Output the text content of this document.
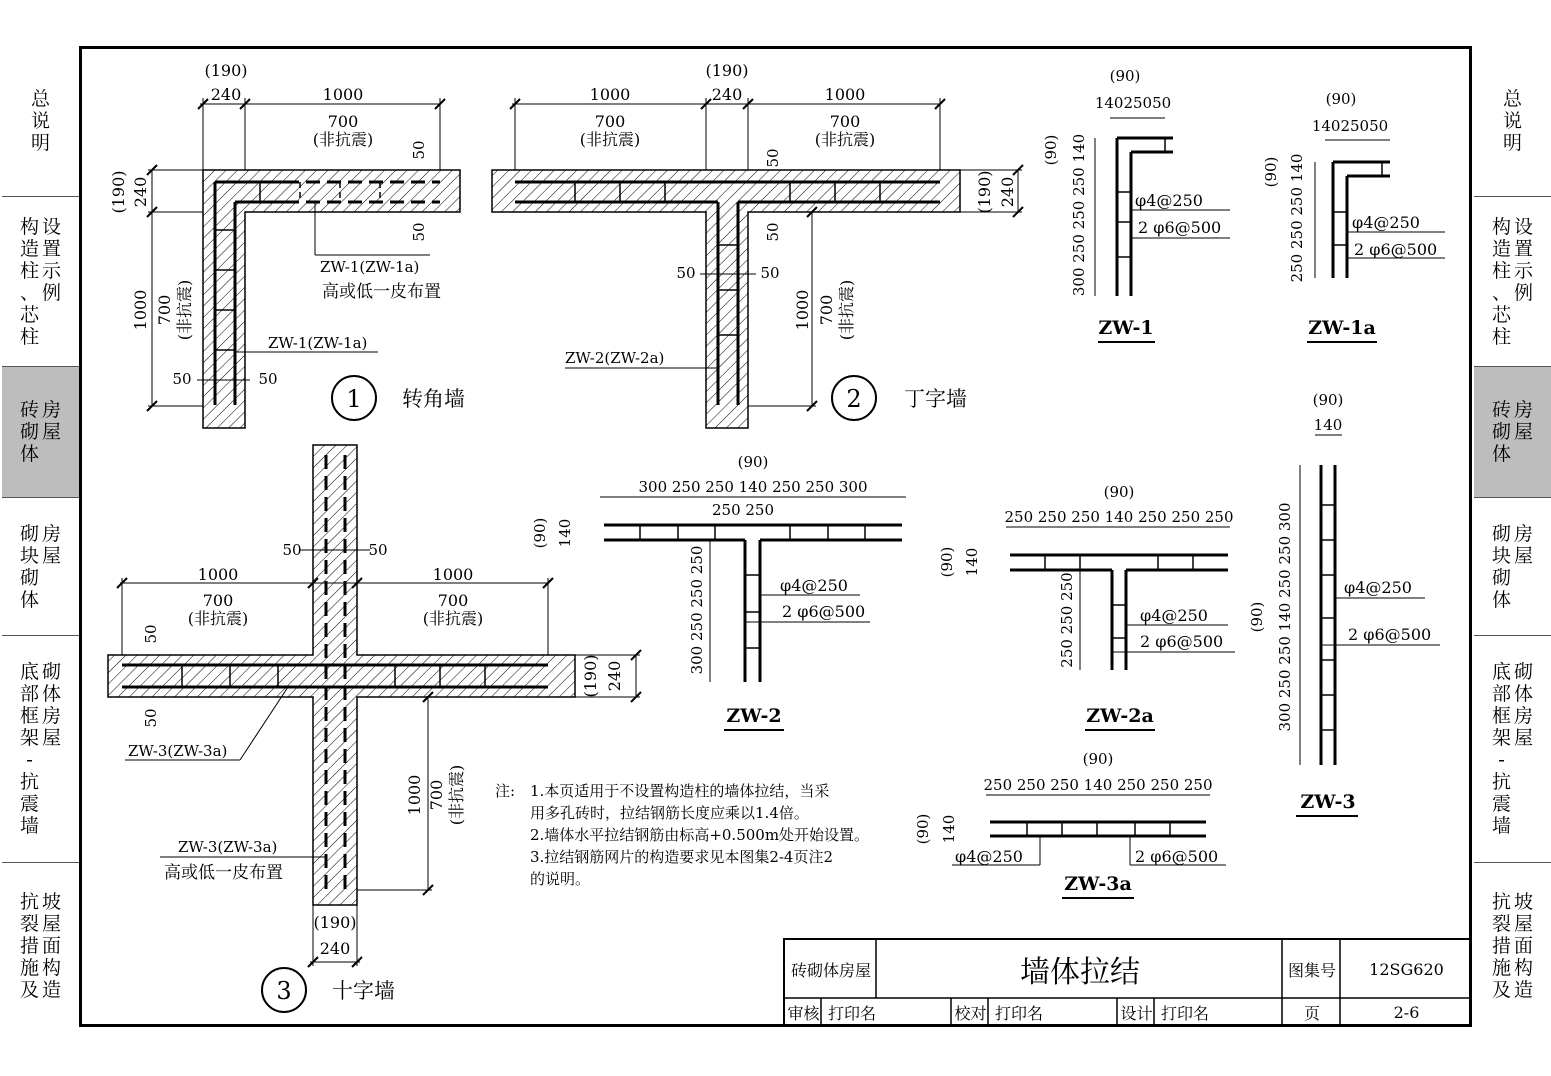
总
说
明
构
造
柱
、
芯
柱
设
置
示
例
砖
砌
体
房
屋
砌
块
砌
体
房
屋
底
部
框
架
-
抗
震
墙
砌
体
房
屋
抗
裂
措
施
及
坡
屋
面
构
造
总
说
明
构
造
柱
、
芯
柱
设
置
示
例
砖
砌
体
房
屋
砌
块
砌
体
房
屋
底
部
框
架
-
抗
震
墙
砌
体
房
屋
抗
裂
措
施
及
坡
屋
面
构
造
(190)
240	1000
700
(非抗震)
(190) 240
1000 700 (非抗震)
50	50
50
50
ZW-1(ZW-1a)
高或低一皮布置
ZW-1(ZW-1a)
1 转角墙
(190)
240
1000
700
(非抗震)
1000
700
(非抗震)
(190) 240
1000 700 (非抗震)
50
50
50	50
ZW-2(ZW-2a)
2 丁字墙
1000
700
(非抗震)
1000
700
(非抗震)
50	50
50
50
(190) 240
1000 700 (非抗震)
(190)
240
ZW-3(ZW-3a)
ZW-3(ZW-3a)
高或低一皮布置
3 十字墙
(90)
14025050
(90) 300 250 250 250 140	φ4@250
2 φ6@500
ZW-1
(90)
14025050
(90) 250 250 250 140	φ4@250
2 φ6@500
ZW-1a
(90)
300 250 250 140 250 250 300
250 250
(90) 140
300 250 250 250	φ4@250
2 φ6@500
ZW-2
(90)
250 250 250 140 250 250 250
(90) 140
250 250 250	φ4@250
2 φ6@500
ZW-2a
(90)
140
(90) 300 250 250 140 250 250 300	φ4@250
2 φ6@500
ZW-3
(90)
250 250 250 140 250 250 250
(90) 140
φ4@250	2 φ6@500
ZW-3a
注: 1.本页适用于不设置构造柱的墙体拉结，当采
用多孔砖时，拉结钢筋长度应乘以1.4倍。
2.墙体水平拉结钢筋由标高+0.500m处开始设置。
3.拉结钢筋网片的构造要求见本图集2-4页注2
的说明。
砖砌体房屋	墙体拉结	图集号	12SG620
审核 打印名	校对 打印名	设计 打印名	页	2-6
